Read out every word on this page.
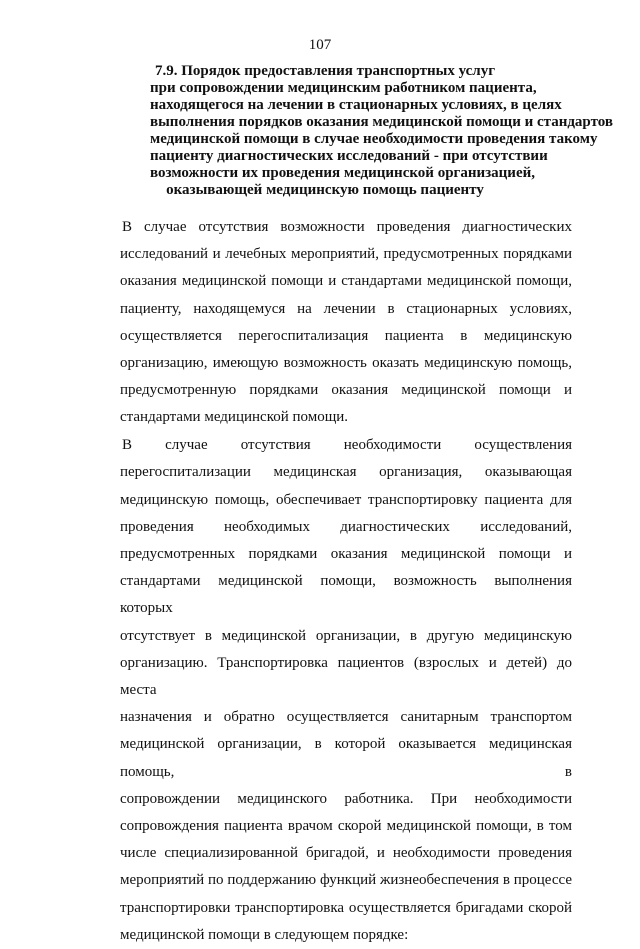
107
7.9. Порядок предоставления транспортных услуг
при сопровождении медицинским работником пациента,
находящегося на лечении в стационарных условиях, в целях
выполнения порядков оказания медицинской помощи и стандартов
медицинской помощи в случае необходимости проведения такому
пациенту диагностических исследований - при отсутствии
возможности их проведения медицинской организацией,
оказывающей медицинскую помощь пациенту

В случае отсутствия возможности проведения диагностических
исследований и лечебных мероприятий, предусмотренных порядками
оказания медицинской помощи и стандартами медицинской помощи,
пациенту, находящемуся на лечении в стационарных условиях,
осуществляется перегоспитализация пациента в медицинскую
организацию, имеющую возможность оказать медицинскую помощь,
предусмотренную порядками оказания медицинской помощи и
стандартами медицинской помощи.

В случае отсутствия необходимости осуществления
перегоспитализации медицинская организация, оказывающая
медицинскую помощь, обеспечивает транспортировку пациента для
проведения необходимых диагностических исследований,
предусмотренных порядками оказания медицинской помощи и
стандартами медицинской помощи, возможность выполнения которых
отсутствует в медицинской организации, в другую медицинскую
организацию. Транспортировка пациентов (взрослых и детей) до места
назначения и обратно осуществляется санитарным транспортом
медицинской организации, в которой оказывается медицинская помощь, в
сопровождении медицинского работника. При необходимости
сопровождения пациента врачом скорой медицинской помощи, в том
числе специализированной бригадой, и необходимости проведения
мероприятий по поддержанию функций жизнеобеспечения в процессе
транспортировки транспортировка осуществляется бригадами скорой
медицинской помощи в следующем порядке:
